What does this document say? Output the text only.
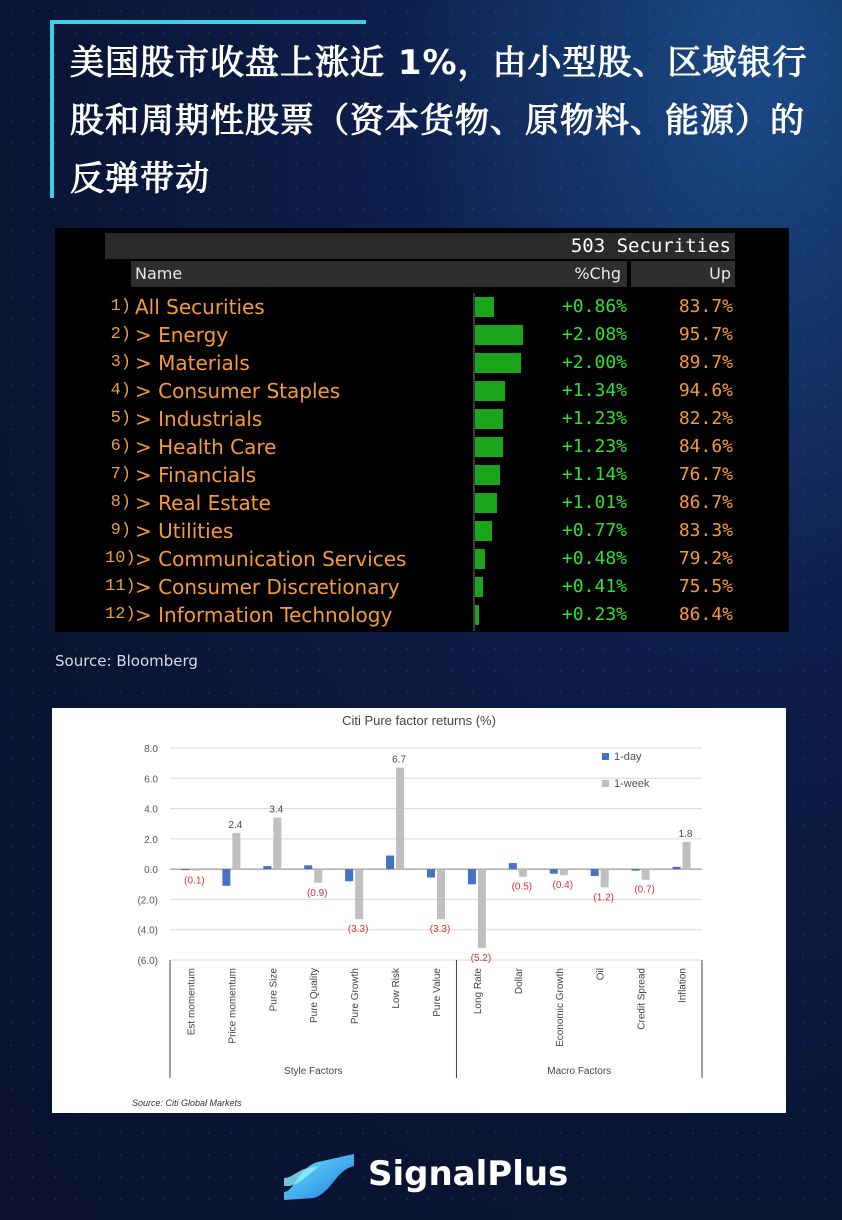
美国股市收盘上涨近 1%，由小型股、区域银行股和周期性股票（资本货物、原物料、能源）的反弹带动
503 Securities
Name	%Chg	Up
1) All Securities	+0.86%	83.7%
2) > Energy	+2.08%	95.7%
3) > Materials	+2.00%	89.7%
4) > Consumer Staples	+1.34%	94.6%
5) > Industrials	+1.23%	82.2%
6) > Health Care	+1.23%	84.6%
7) > Financials	+1.14%	76.7%
8) > Real Estate	+1.01%	86.7%
9) > Utilities	+0.77%	83.3%
10) > Communication Services	+0.48%	79.2%
11) > Consumer Discretionary	+0.41%	75.5%
12) > Information Technology	+0.23%	86.4%
Source: Bloomberg
Citi Pure factor returns (%)
8.0
6.0
4.0
2.0
0.0
(2.0)
(4.0)
(6.0)
(0.1)
2.4
3.4
(0.9)
(3.3)
6.7
(3.3)
(5.2)
(0.5) (0.4)
(1.2)
(0.7)
1.8
Est momentum	Price momentum	Pure Size	Pure Quality	Pure Growth	Low Risk	Pure Value	Long Rate	Dollar	Economic Growth	Oil	Credit Spread	Inflation
Style Factors	Macro Factors
1-day
1-week
Source: Citi Global Markets
SignalPlus
